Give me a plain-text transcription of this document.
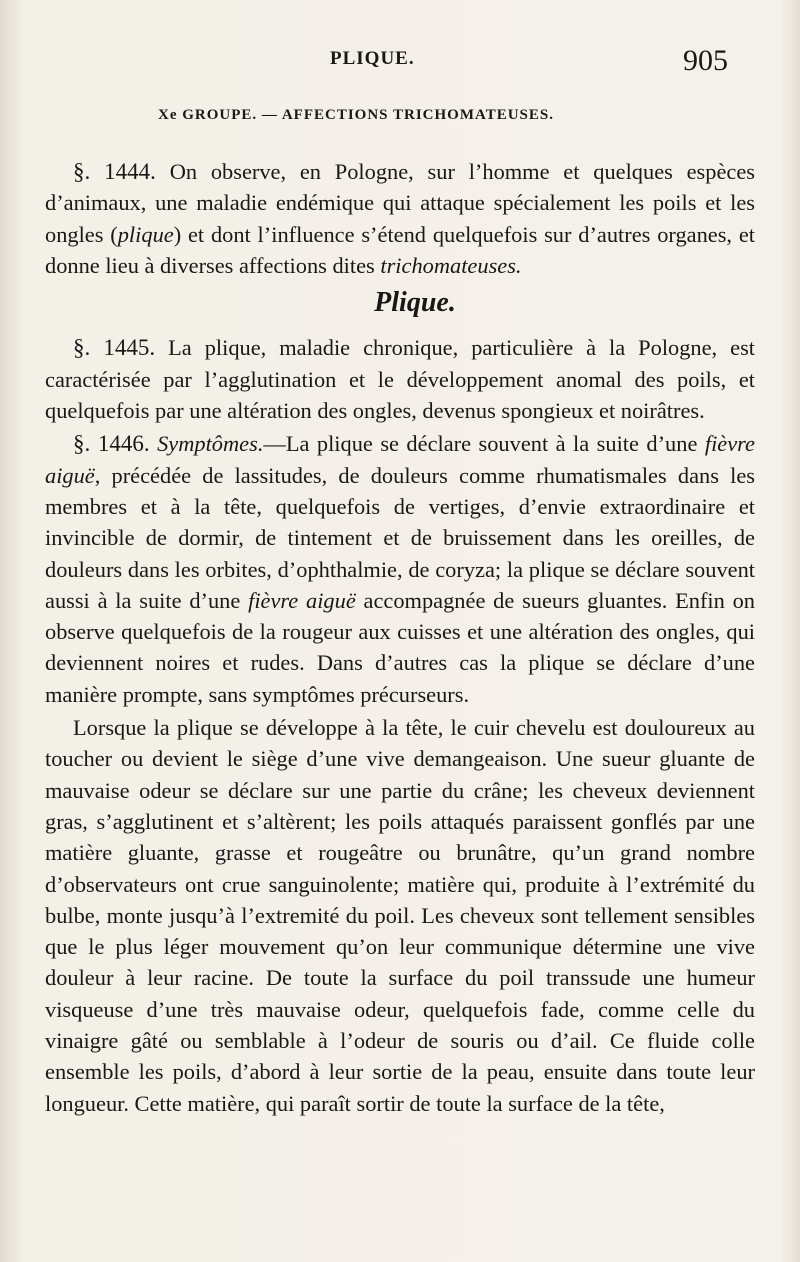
PLIQUE.	905
Xe GROUPE. — AFFECTIONS TRICHOMATEUSES.

§. 1444. On observe, en Pologne, sur l’homme et quelques espèces d’animaux, une maladie endémique qui attaque spécialement les poils et les ongles (plique) et dont l’influence s’étend quelquefois sur d’autres organes, et donne lieu à diverses affections dites trichomateuses.

Plique.

§. 1445. La plique, maladie chronique, particulière à la Pologne, est caractérisée par l’agglutination et le développement anomal des poils, et quelquefois par une altération des ongles, devenus spongieux et noirâtres.

§. 1446. Symptômes.—La plique se déclare souvent à la suite d’une fièvre aiguë, précédée de lassitudes, de douleurs comme rhumatismales dans les membres et à la tête, quelquefois de vertiges, d’envie extraordinaire et invincible de dormir, de tintement et de bruissement dans les oreilles, de douleurs dans les orbites, d’ophthalmie, de coryza; la plique se déclare souvent aussi à la suite d’une fièvre aiguë accompagnée de sueurs gluantes. Enfin on observe quelquefois de la rougeur aux cuisses et une altération des ongles, qui deviennent noires et rudes. Dans d’autres cas la plique se déclare d’une manière prompte, sans symptômes précurseurs.

Lorsque la plique se développe à la tête, le cuir chevelu est douloureux au toucher ou devient le siège d’une vive demangeaison. Une sueur gluante de mauvaise odeur se déclare sur une partie du crâne; les cheveux deviennent gras, s’agglutinent et s’altèrent; les poils attaqués paraissent gonflés par une matière gluante, grasse et rougeâtre ou brunâtre, qu’un grand nombre d’observateurs ont crue sanguinolente; matière qui, produite à l’extrémité du bulbe, monte jusqu’à l’extremité du poil. Les cheveux sont tellement sensibles que le plus léger mouvement qu’on leur communique détermine une vive douleur à leur racine. De toute la surface du poil transsude une humeur visqueuse d’une très mauvaise odeur, quelquefois fade, comme celle du vinaigre gâté ou semblable à l’odeur de souris ou d’ail. Ce fluide colle ensemble les poils, d’abord à leur sortie de la peau, ensuite dans toute leur longueur. Cette matière, qui paraît sortir de toute la surface de la tête,
